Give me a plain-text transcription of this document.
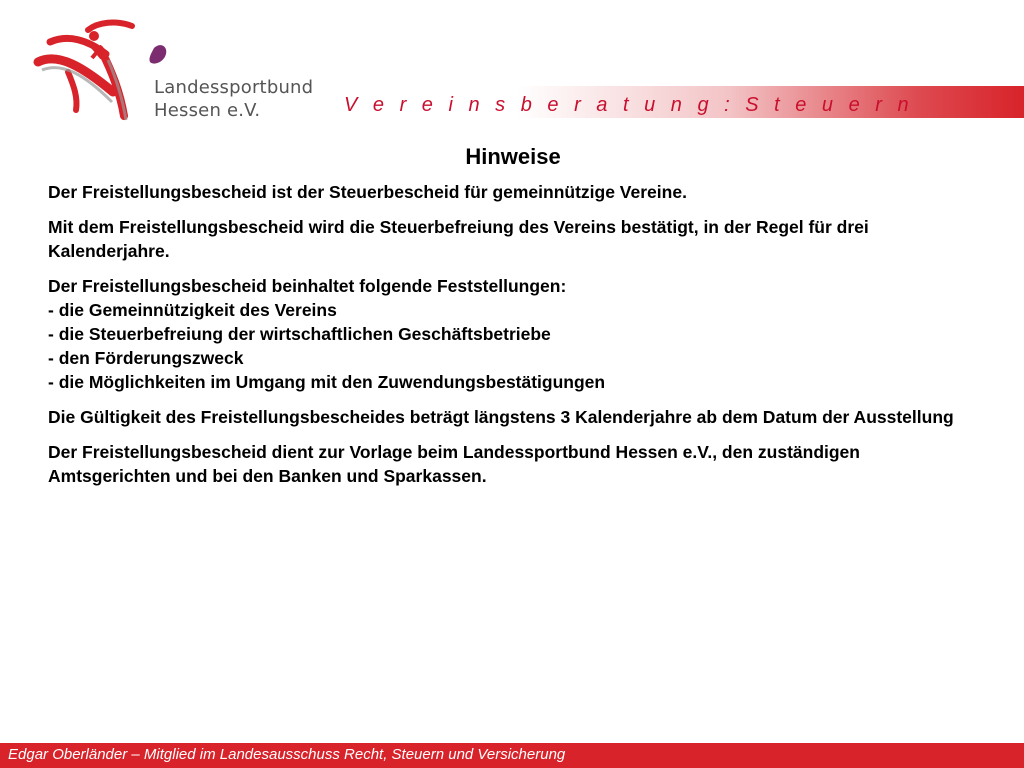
Landessportbund
Hessen e.V.	V e r e i n s b e r a t u n g : S t e u e r n
Hinweise

Der Freistellungsbescheid ist der Steuerbescheid für gemeinnützige Vereine.

Mit dem Freistellungsbescheid wird die Steuerbefreiung des Vereins bestätigt, in der Regel für drei Kalenderjahre.

Der Freistellungsbescheid beinhaltet folgende Feststellungen:
- die Gemeinnützigkeit des Vereins
- die Steuerbefreiung der wirtschaftlichen Geschäftsbetriebe
- den Förderungszweck
- die Möglichkeiten im Umgang mit den Zuwendungsbestätigungen

Die Gültigkeit des Freistellungsbescheides beträgt längstens 3 Kalenderjahre ab dem Datum der Ausstellung

Der Freistellungsbescheid dient zur Vorlage beim Landessportbund Hessen e.V., den zuständigen Amtsgerichten und bei den Banken und Sparkassen.

Edgar Oberländer – Mitglied im Landesausschuss Recht, Steuern und Versicherung
